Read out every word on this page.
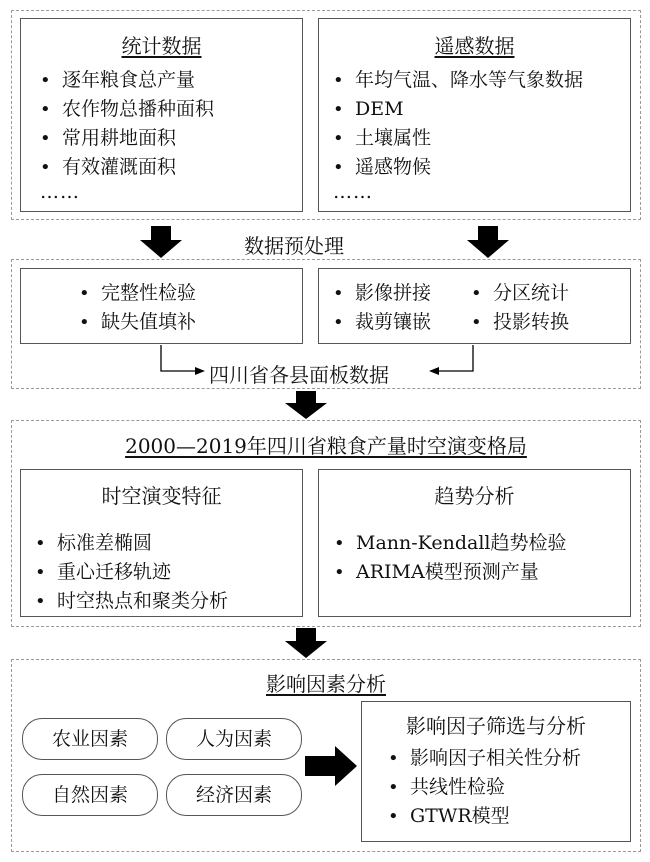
统计数据
• 逐年粮食总产量
• 农作物总播种面积
• 常用耕地面积
• 有效灌溉面积
……
遥感数据
• 年均气温、降水等气象数据
• DEM
• 土壤属性
• 遥感物候
……
数据预处理
• 完整性检验
• 缺失值填补
• 影像拼接
• 裁剪镶嵌
• 分区统计
• 投影转换
四川省各县面板数据
2000—2019年四川省粮食产量时空演变格局
时空演变特征
• 标准差椭圆
• 重心迁移轨迹
• 时空热点和聚类分析
趋势分析
• Mann-Kendall趋势检验
• ARIMA模型预测产量
影响因素分析
农业因素	人为因素
自然因素	经济因素
影响因子筛选与分析
• 影响因子相关性分析
• 共线性检验
• GTWR模型
